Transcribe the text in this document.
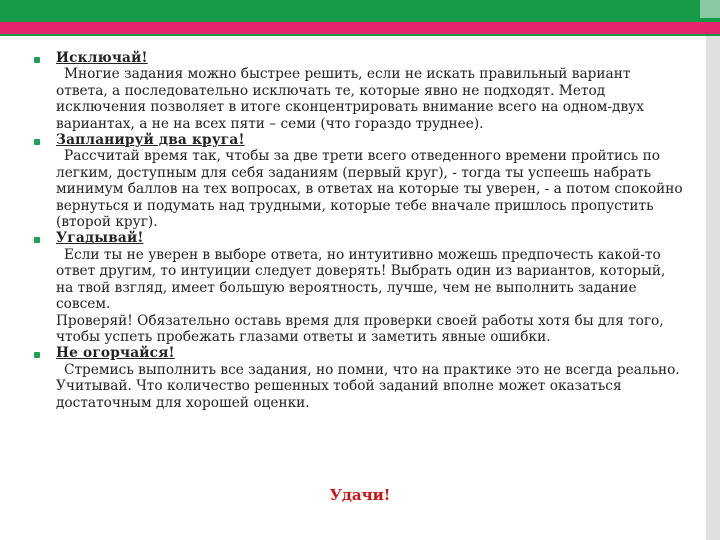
Исключай!
Многие задания можно быстрее решить, если не искать правильный вариант ответа, а последовательно исключать те, которые явно не подходят. Метод исключения позволяет в итоге сконцентрировать внимание всего на одном-двух вариантах, а не на всех пяти – семи (что гораздо труднее).
Запланируй два круга!
Рассчитай время так, чтобы за две трети всего отведенного времени пройтись по легким, доступным для себя заданиям (первый круг), - тогда ты успеешь набрать минимум баллов на тех вопросах, в ответах на которые ты уверен, - а потом спокойно вернуться и подумать над трудными, которые тебе вначале пришлось пропустить (второй круг).
Угадывай!
Если ты не уверен в выборе ответа, но интуитивно можешь предпочесть какой-то ответ другим, то интуиции следует доверять! Выбрать один из вариантов, который, на твой взгляд, имеет большую вероятность, лучше, чем не выполнить задание совсем.
Проверяй! Обязательно оставь время для проверки своей работы хотя бы для того, чтобы успеть пробежать глазами ответы и заметить явные ошибки.
Не огорчайся!
Стремись выполнить все задания, но помни, что на практике это не всегда реально. Учитывай. Что количество решенных тобой заданий вполне может оказаться достаточным для хорошей оценки.
Удачи!
